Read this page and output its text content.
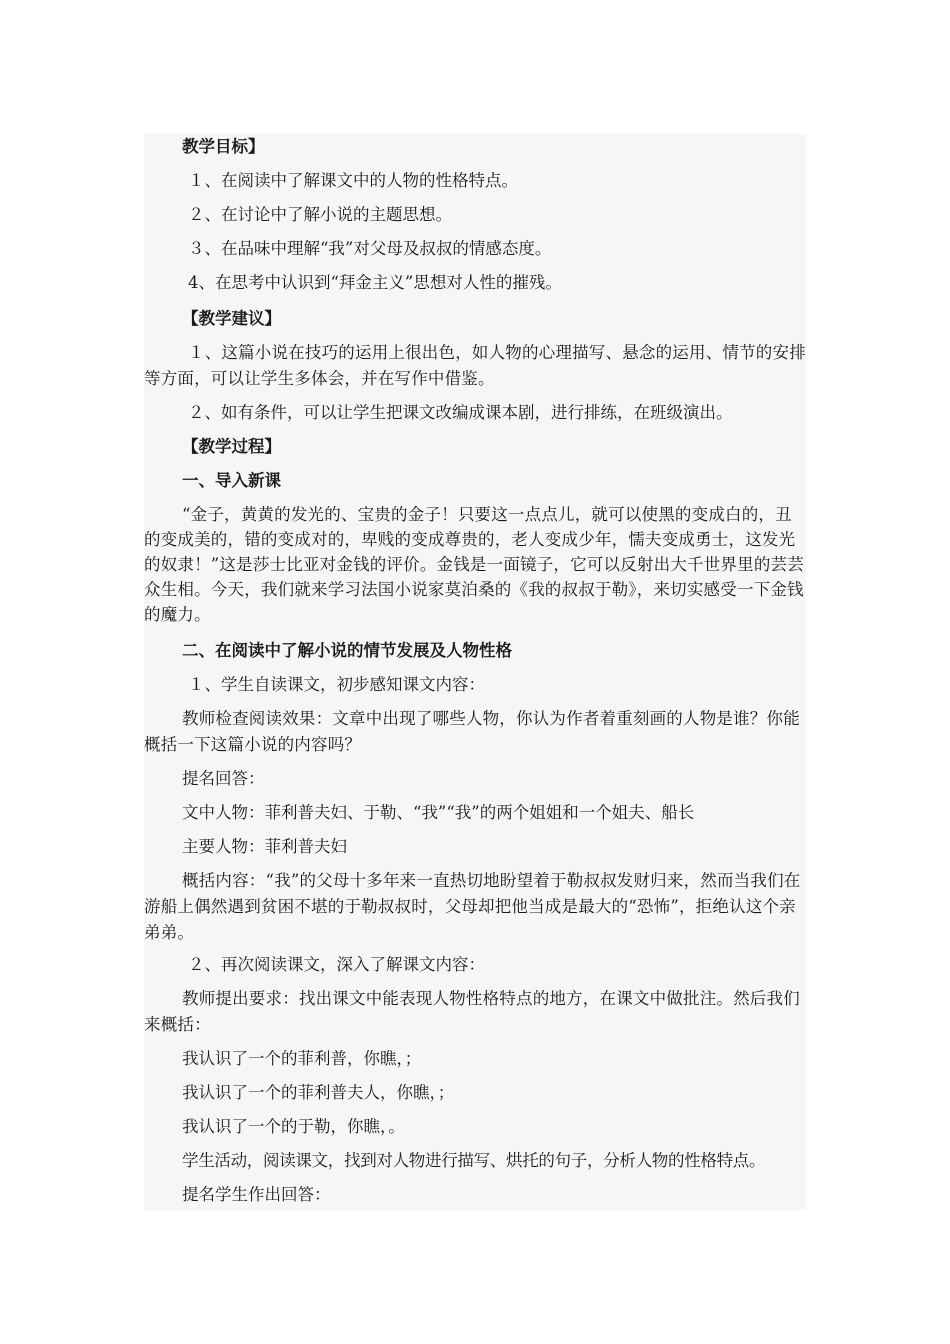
教学目标】
１、在阅读中了解课文中的人物的性格特点。
２、在讨论中了解小说的主题思想。
３、在品味中理解“我”对父母及叔叔的情感态度。
4、在思考中认识到“拜金主义”思想对人性的摧残。
【教学建议】
１、这篇小说在技巧的运用上很出色，如人物的心理描写、悬念的运用、情节的安排等方面，可以让学生多体会，并在写作中借鉴。
２、如有条件，可以让学生把课文改编成课本剧，进行排练，在班级演出。
【教学过程】
一、导入新课
“金子，黄黄的发光的、宝贵的金子！只要这一点点儿，就可以使黑的变成白的，丑的变成美的，错的变成对的，卑贱的变成尊贵的，老人变成少年，懦夫变成勇士，这发光的奴隶！”这是莎士比亚对金钱的评价。金钱是一面镜子，它可以反射出大千世界里的芸芸众生相。今天，我们就来学习法国小说家莫泊桑的《我的叔叔于勒》，来切实感受一下金钱的魔力。
二、在阅读中了解小说的情节发展及人物性格
１、学生自读课文，初步感知课文内容：
教师检查阅读效果：文章中出现了哪些人物，你认为作者着重刻画的人物是谁？你能概括一下这篇小说的内容吗？
提名回答：
文中人物：菲利普夫妇、于勒、“我”“我”的两个姐姐和一个姐夫、船长
主要人物：菲利普夫妇
概括内容：“我”的父母十多年来一直热切地盼望着于勒叔叔发财归来，然而当我们在游船上偶然遇到贫困不堪的于勒叔叔时，父母却把他当成是最大的“恐怖”，拒绝认这个亲弟弟。
２、再次阅读课文，深入了解课文内容：
教师提出要求：找出课文中能表现人物性格特点的地方，在课文中做批注。然后我们来概括：
我认识了一个的菲利普，你瞧，；
我认识了一个的菲利普夫人，你瞧，；
我认识了一个的于勒，你瞧，。
学生活动，阅读课文，找到对人物进行描写、烘托的句子，分析人物的性格特点。
提名学生作出回答：
